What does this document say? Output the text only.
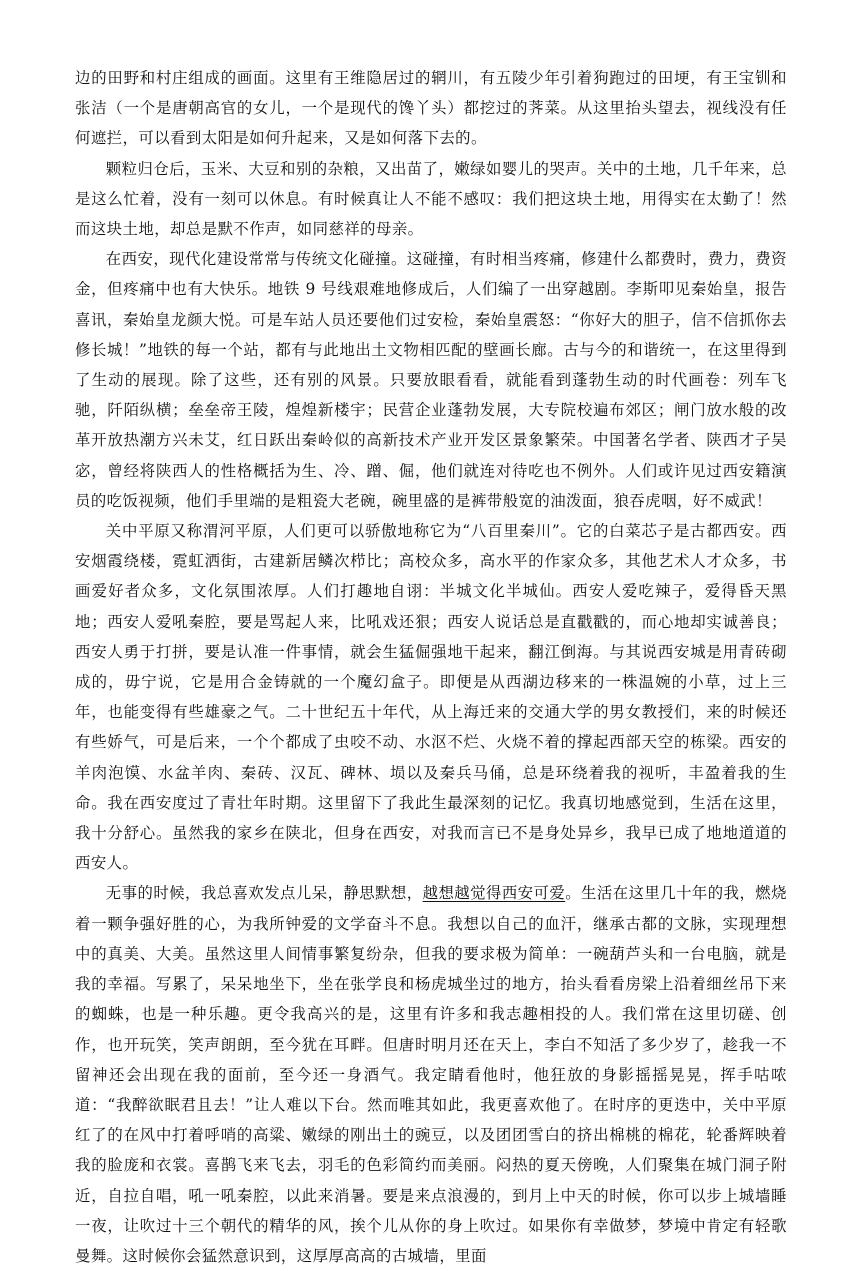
边的田野和村庄组成的画面。这里有王维隐居过的辋川，有五陵少年引着狗跑过的田埂，有王宝钏和张洁（一个是唐朝高官的女儿，一个是现代的馋丫头）都挖过的荠菜。从这里抬头望去，视线没有任何遮拦，可以看到太阳是如何升起来，又是如何落下去的。

颗粒归仓后，玉米、大豆和别的杂粮，又出苗了，嫩绿如婴儿的哭声。关中的土地，几千年来，总是这么忙着，没有一刻可以休息。有时候真让人不能不感叹：我们把这块土地，用得实在太勤了！然而这块土地，却总是默不作声，如同慈祥的母亲。

在西安，现代化建设常常与传统文化碰撞。这碰撞，有时相当疼痛，修建什么都费时，费力，费资金，但疼痛中也有大快乐。地铁 9 号线艰难地修成后，人们编了一出穿越剧。李斯叩见秦始皇，报告喜讯，秦始皇龙颜大悦。可是车站人员还要他们过安检，秦始皇震怒：“你好大的胆子，信不信抓你去修长城！”地铁的每一个站，都有与此地出土文物相匹配的壁画长廊。古与今的和谐统一，在这里得到了生动的展现。除了这些，还有别的风景。只要放眼看看，就能看到蓬勃生动的时代画卷：列车飞驰，阡陌纵横；垒垒帝王陵，煌煌新楼宇；民营企业蓬勃发展，大专院校遍布郊区；闸门放水般的改革开放热潮方兴未艾，红日跃出秦岭似的高新技术产业开发区景象繁荣。中国著名学者、陕西才子吴宓，曾经将陕西人的性格概括为生、冷、蹭、倔，他们就连对待吃也不例外。人们或许见过西安籍演员的吃饭视频，他们手里端的是粗瓷大老碗，碗里盛的是裤带般宽的油泼面，狼吞虎咽，好不威武！

关中平原又称渭河平原，人们更可以骄傲地称它为“八百里秦川”。它的白菜芯子是古都西安。西安烟霞绕楼，霓虹洒街，古建新居鳞次栉比；高校众多，高水平的作家众多，其他艺术人才众多，书画爱好者众多，文化氛围浓厚。人们打趣地自诩：半城文化半城仙。西安人爱吃辣子，爱得昏天黑地；西安人爱吼秦腔，要是骂起人来，比吼戏还狠；西安人说话总是直戳戳的，而心地却实诚善良；西安人勇于打拼，要是认准一件事情，就会生猛倔强地干起来，翻江倒海。与其说西安城是用青砖砌成的，毋宁说，它是用合金铸就的一个魔幻盒子。即便是从西湖边移来的一株温婉的小草，过上三年，也能变得有些雄豪之气。二十世纪五十年代，从上海迁来的交通大学的男女教授们，来的时候还有些娇气，可是后来，一个个都成了虫咬不动、水沤不烂、火烧不着的撑起西部天空的栋梁。西安的羊肉泡馍、水盆羊肉、秦砖、汉瓦、碑林、埙以及秦兵马俑，总是环绕着我的视听，丰盈着我的生命。我在西安度过了青壮年时期。这里留下了我此生最深刻的记忆。我真切地感觉到，生活在这里，我十分舒心。虽然我的家乡在陕北，但身在西安，对我而言已不是身处异乡，我早已成了地地道道的西安人。

无事的时候，我总喜欢发点儿呆，静思默想，越想越觉得西安可爱。生活在这里几十年的我，燃烧着一颗争强好胜的心，为我所钟爱的文学奋斗不息。我想以自己的血汗，继承古都的文脉，实现理想中的真美、大美。虽然这里人间情事繁复纷杂，但我的要求极为简单：一碗葫芦头和一台电脑，就是我的幸福。写累了，呆呆地坐下，坐在张学良和杨虎城坐过的地方，抬头看看房梁上沿着细丝吊下来的蜘蛛，也是一种乐趣。更令我高兴的是，这里有许多和我志趣相投的人。我们常在这里切磋、创作，也开玩笑，笑声朗朗，至今犹在耳畔。但唐时明月还在天上，李白不知活了多少岁了，趁我一不留神还会出现在我的面前，至今还一身酒气。我定睛看他时，他狂放的身影摇摇晃晃，挥手咕哝道：“我醉欲眠君且去！”让人难以下台。然而唯其如此，我更喜欢他了。在时序的更迭中，关中平原红了的在风中打着呼哨的高粱、嫩绿的刚出土的豌豆，以及团团雪白的挤出棉桃的棉花，轮番辉映着我的脸庞和衣裳。喜鹊飞来飞去，羽毛的色彩简约而美丽。闷热的夏天傍晚，人们聚集在城门洞子附近，自拉自唱，吼一吼秦腔，以此来消暑。要是来点浪漫的，到月上中天的时候，你可以步上城墙睡一夜，让吹过十三个朝代的精华的风，挨个儿从你的身上吹过。如果你有幸做梦，梦境中肯定有轻歌曼舞。这时候你会猛然意识到，这厚厚高高的古城墙，里面
